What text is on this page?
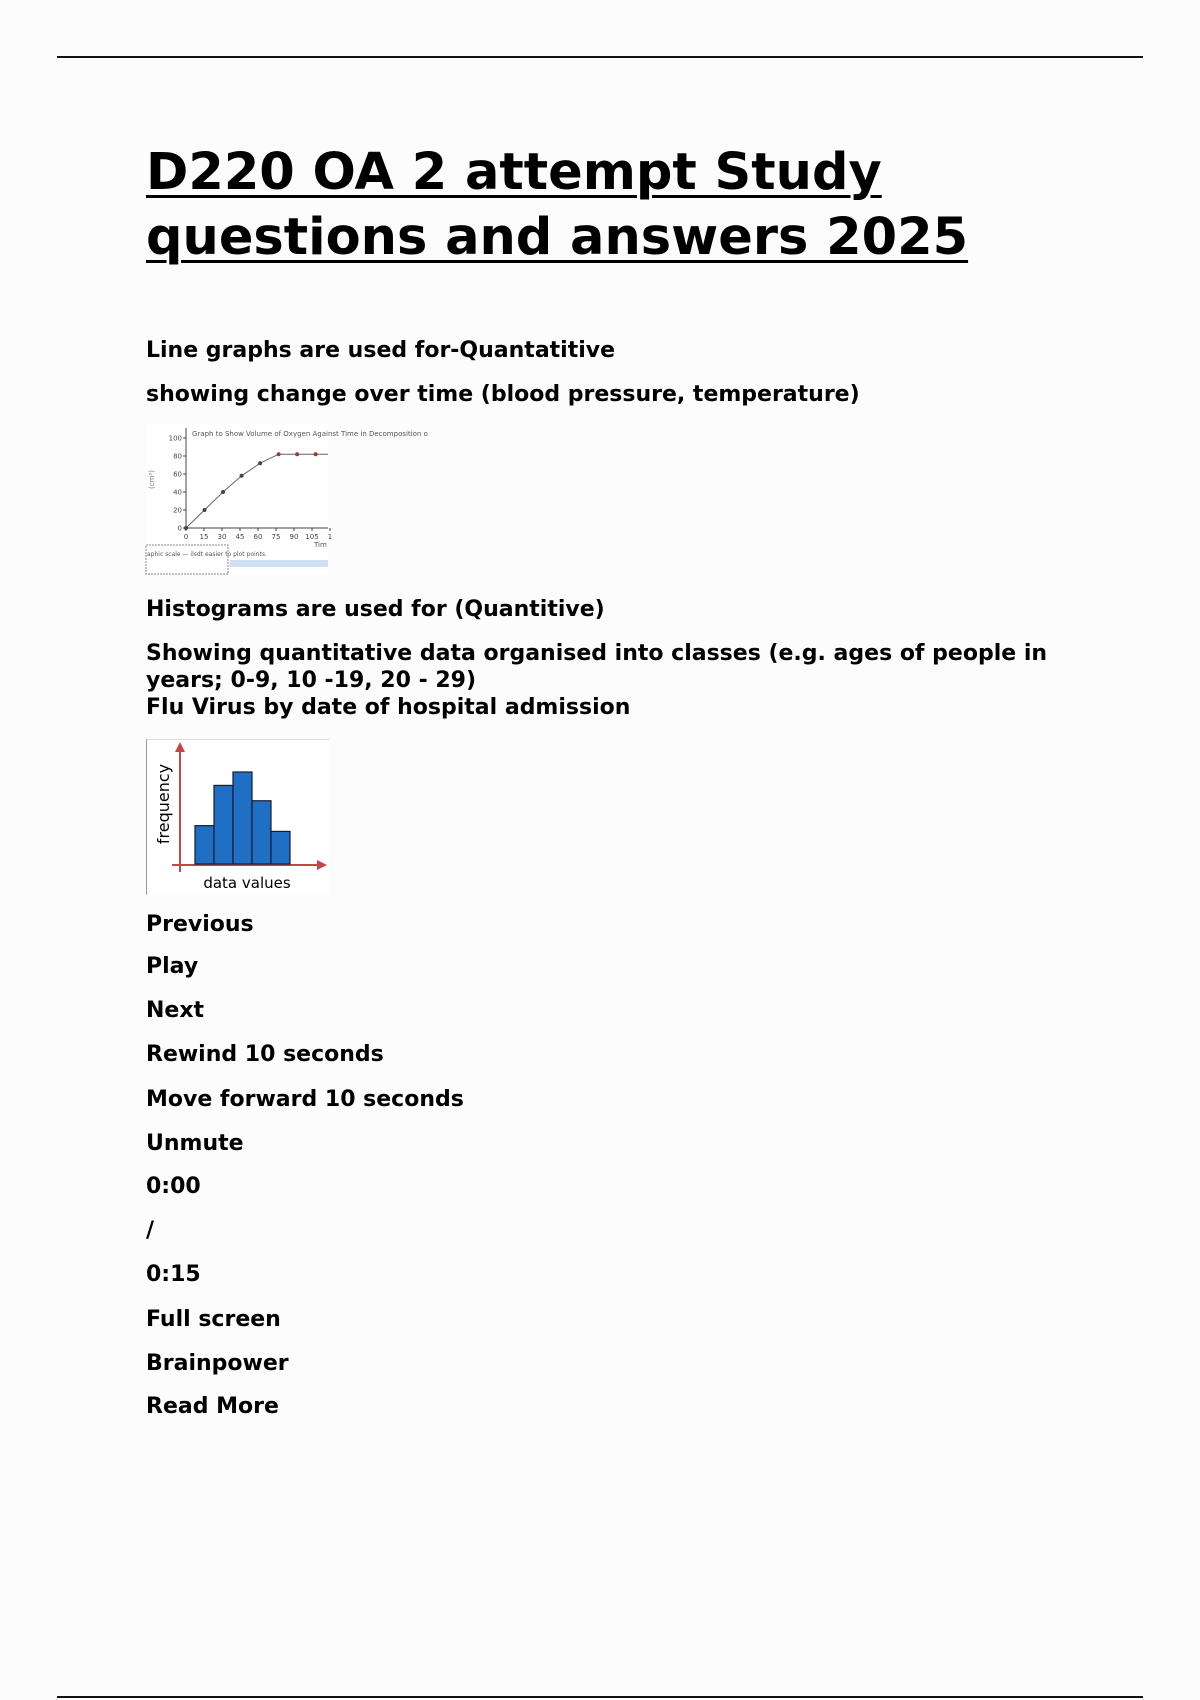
D220 OA 2 attempt Study questions and answers 2025

Line graphs are used for-Quantatitive

showing change over time (blood pressure, temperature)

Graph to Show Volume of Oxygen Against Time in Decomposition o
(cm³)
Tim
100
80
60
40
20
0
0 15 30 45 60 75 90 105 1
aphic scale — ilsdt easier to plot points.

Histograms are used for (Quantitive)

Showing quantitative data organised into classes (e.g. ages of people in years; 0-9, 10 -19, 20 - 29)

Flu Virus by date of hospital admission

frequency
data values

Previous

Play

Next

Rewind 10 seconds

Move forward 10 seconds

Unmute

0:00

/

0:15

Full screen

Brainpower

Read More
